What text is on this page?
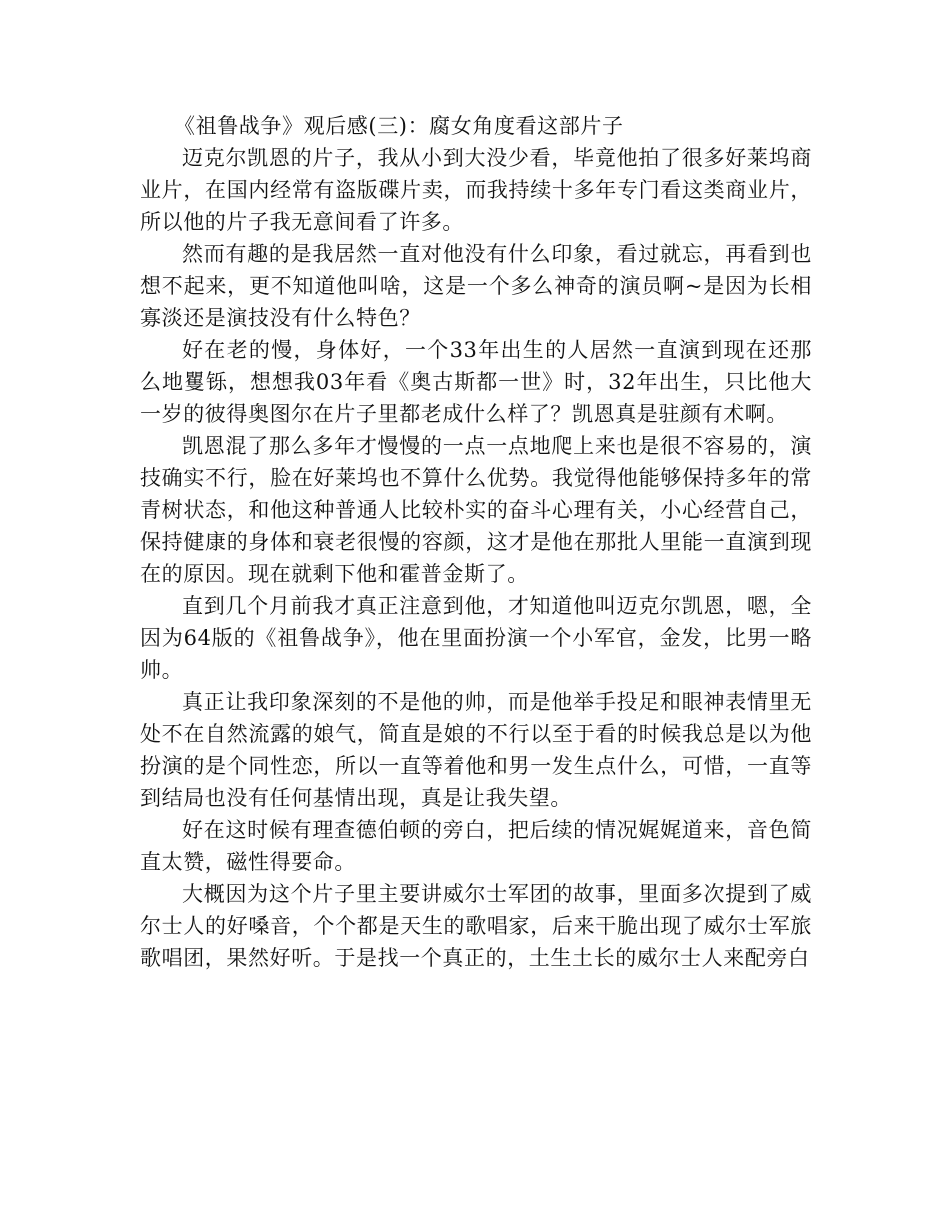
《祖鲁战争》观后感(三)：腐女角度看这部片子

迈克尔凯恩的片子，我从小到大没少看，毕竟他拍了很多好莱坞商业片，在国内经常有盗版碟片卖，而我持续十多年专门看这类商业片，所以他的片子我无意间看了许多。

然而有趣的是我居然一直对他没有什么印象，看过就忘，再看到也想不起来，更不知道他叫啥，这是一个多么神奇的演员啊~是因为长相寡淡还是演技没有什么特色？

好在老的慢，身体好，一个33年出生的人居然一直演到现在还那么地矍铄，想想我03年看《奥古斯都一世》时，32年出生，只比他大一岁的彼得奥图尔在片子里都老成什么样了？凯恩真是驻颜有术啊。

凯恩混了那么多年才慢慢的一点一点地爬上来也是很不容易的，演技确实不行，脸在好莱坞也不算什么优势。我觉得他能够保持多年的常青树状态，和他这种普通人比较朴实的奋斗心理有关，小心经营自己，保持健康的身体和衰老很慢的容颜，这才是他在那批人里能一直演到现在的原因。现在就剩下他和霍普金斯了。

直到几个月前我才真正注意到他，才知道他叫迈克尔凯恩，嗯，全因为64版的《祖鲁战争》，他在里面扮演一个小军官，金发，比男一略帅。

真正让我印象深刻的不是他的帅，而是他举手投足和眼神表情里无处不在自然流露的娘气，简直是娘的不行以至于看的时候我总是以为他扮演的是个同性恋，所以一直等着他和男一发生点什么，可惜，一直等到结局也没有任何基情出现，真是让我失望。

好在这时候有理查德伯顿的旁白，把后续的情况娓娓道来，音色简直太赞，磁性得要命。

大概因为这个片子里主要讲威尔士军团的故事，里面多次提到了威尔士人的好嗓音，个个都是天生的歌唱家，后来干脆出现了威尔士军旅歌唱团，果然好听。于是找一个真正的，土生土长的威尔士人来配旁白
